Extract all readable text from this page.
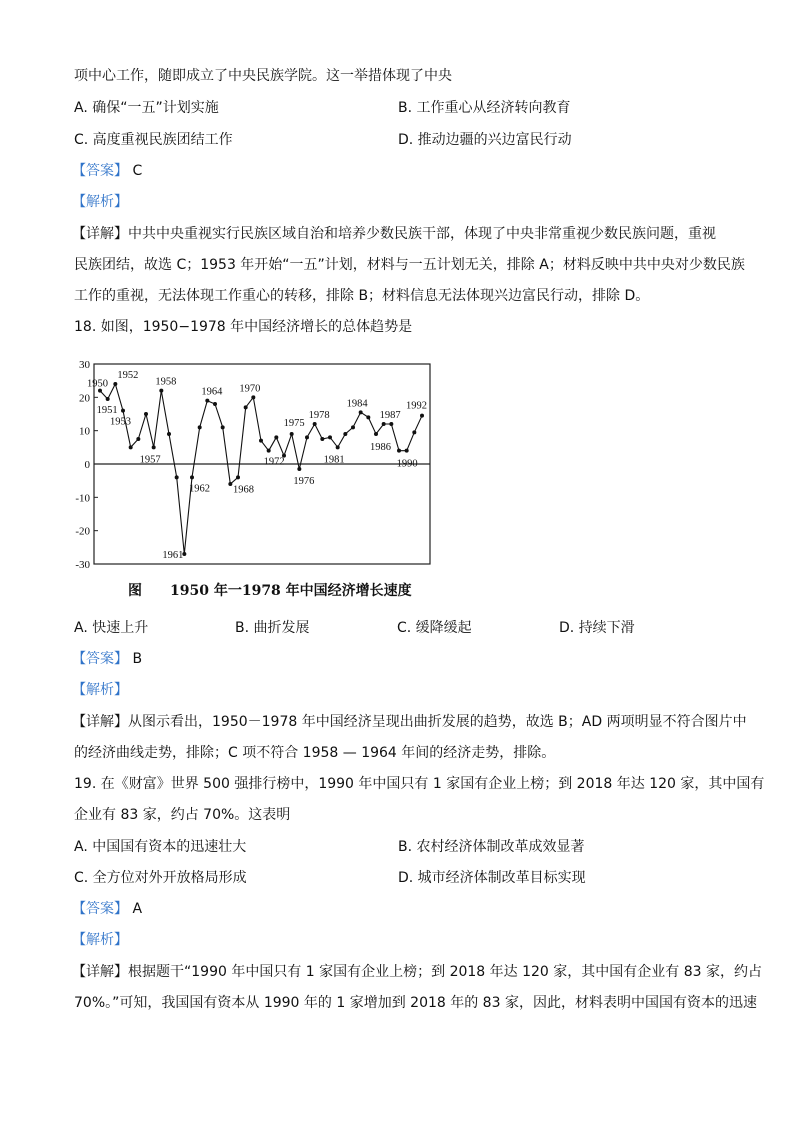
项中心工作，随即成立了中央民族学院。这一举措体现了中央
A. 确保“一五”计划实施	B. 工作重心从经济转向教育
C. 高度重视民族团结工作	D. 推动边疆的兴边富民行动
【答案】 C
【解析】
【详解】中共中央重视实行民族区域自治和培养少数民族干部，体现了中央非常重视少数民族问题，重视
民族团结，故选 C；1953 年开始“一五”计划，材料与一五计划无关，排除 A；材料反映中共中央对少数民族
工作的重视，无法体现工作重心的转移，排除 B；材料信息无法体现兴边富民行动，排除 D。
18. 如图，1950−1978 年中国经济增长的总体趋势是
30
20
10
0
-10
-20
-30
1950
1951
1952
1953
1957
1958
1961
1962
1964
1968
1970
1972
1975
1976
1978
1981
1984
1986
1987
1990
1992
图 1950 年一1978 年中国经济增长速度
A. 快速上升	B. 曲折发展	C. 缓降缓起	D. 持续下滑
【答案】 B
【解析】
【详解】从图示看出，1950－1978 年中国经济呈现出曲折发展的趋势，故选 B；AD 两项明显不符合图片中
的经济曲线走势，排除；C 项不符合 1958 — 1964 年间的经济走势，排除。
19. 在《财富》世界 500 强排行榜中，1990 年中国只有 1 家国有企业上榜；到 2018 年达 120 家，其中国有
企业有 83 家，约占 70%。这表明
A. 中国国有资本的迅速壮大	B. 农村经济体制改革成效显著
C. 全方位对外开放格局形成	D. 城市经济体制改革目标实现
【答案】 A
【解析】
【详解】根据题干“1990 年中国只有 1 家国有企业上榜；到 2018 年达 120 家，其中国有企业有 83 家，约占
70%。”可知，我国国有资本从 1990 年的 1 家增加到 2018 年的 83 家，因此，材料表明中国国有资本的迅速
